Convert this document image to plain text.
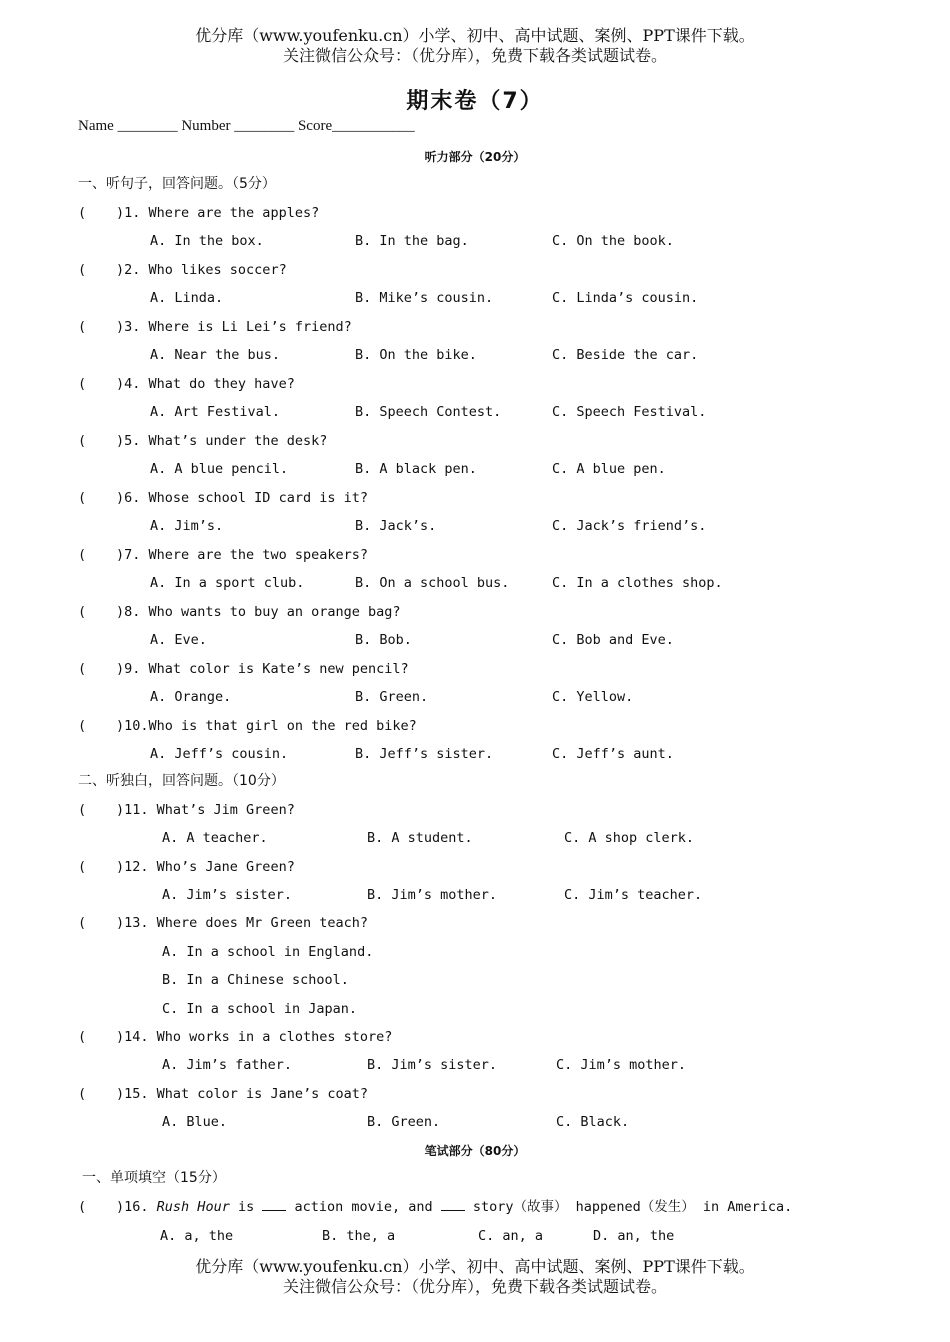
优分库（www.youfenku.cn）小学、初中、高中试题、案例、PPT课件下载。
关注微信公众号：（优分库），免费下载各类试题试卷。
期末卷（7）
Name ________ Number ________ Score___________
听力部分（20分）
一、听句子，回答问题。（5分）
( )1. Where are the apples?
A. In the box.	B. In the bag.	C. On the book.
( )2. Who likes soccer?
A. Linda.	B. Mike’s cousin.	C. Linda’s cousin.
( )3. Where is Li Lei’s friend?
A. Near the bus.	B. On the bike.	C. Beside the car.
( )4. What do they have?
A. Art Festival.	B. Speech Contest.	C. Speech Festival.
( )5. What’s under the desk?
A. A blue pencil.	B. A black pen.	C. A blue pen.
( )6. Whose school ID card is it?
A. Jim’s.	B. Jack’s.	C. Jack’s friend’s.
( )7. Where are the two speakers?
A. In a sport club.	B. On a school bus.	C. In a clothes shop.
( )8. Who wants to buy an orange bag?
A. Eve.	B. Bob.	C. Bob and Eve.
( )9. What color is Kate’s new pencil?
A. Orange.	B. Green.	C. Yellow.
( )10.Who is that girl on the red bike?
A. Jeff’s cousin.	B. Jeff’s sister.	C. Jeff’s aunt.
二、听独白，回答问题。（10分）
( )11. What’s Jim Green?
A. A teacher.	B. A student.	C. A shop clerk.
( )12. Who’s Jane Green?
A. Jim’s sister.	B. Jim’s mother.	C. Jim’s teacher.
( )13. Where does Mr Green teach?
A. In a school in England.
B. In a Chinese school.
C. In a school in Japan.
( )14. Who works in a clothes store?
A. Jim’s father.	B. Jim’s sister.	C. Jim’s mother.
( )15. What color is Jane’s coat?
A. Blue.	B. Green.	C. Black.
笔试部分（80分）
一、单项填空（15分）
( )16. Rush Hour is  action movie, and  story（故事） happened（发生） in America.
A. a, the	B. the, a	C. an, a	D. an, the
优分库（www.youfenku.cn）小学、初中、高中试题、案例、PPT课件下载。
关注微信公众号：（优分库），免费下载各类试题试卷。
